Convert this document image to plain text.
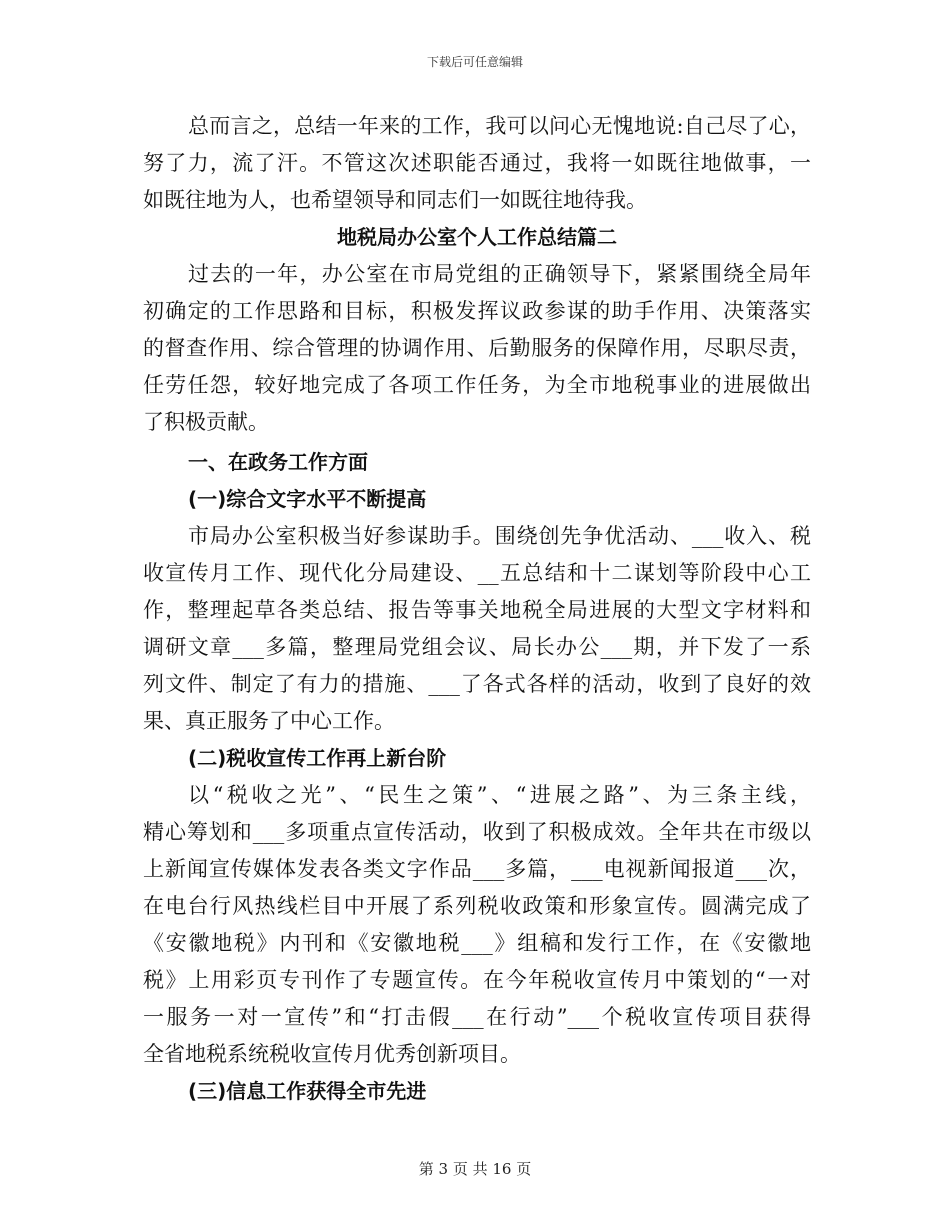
下载后可任意编辑
总而言之，总结一年来的工作，我可以问心无愧地说:自己尽了心，
努了力，流了汗。不管这次述职能否通过，我将一如既往地做事，一
如既往地为人，也希望领导和同志们一如既往地待我。
地税局办公室个人工作总结篇二
过去的一年，办公室在市局党组的正确领导下，紧紧围绕全局年
初确定的工作思路和目标，积极发挥议政参谋的助手作用、决策落实
的督查作用、综合管理的协调作用、后勤服务的保障作用，尽职尽责，
任劳任怨，较好地完成了各项工作任务，为全市地税事业的进展做出
了积极贡献。
一、在政务工作方面
(一)综合文字水平不断提高
市局办公室积极当好参谋助手。围绕创先争优活动、___收入、税
收宣传月工作、现代化分局建设、__五总结和十二谋划等阶段中心工
作，整理起草各类总结、报告等事关地税全局进展的大型文字材料和
调研文章___多篇，整理局党组会议、局长办公___期，并下发了一系
列文件、制定了有力的措施、___了各式各样的活动，收到了良好的效
果、真正服务了中心工作。
(二)税收宣传工作再上新台阶
以“税收之光”、“民生之策”、“进展之路”、为三条主线，
精心筹划和___多项重点宣传活动，收到了积极成效。全年共在市级以
上新闻宣传媒体发表各类文字作品___多篇，___电视新闻报道___次，
在电台行风热线栏目中开展了系列税收政策和形象宣传。圆满完成了
《安徽地税》内刊和《安徽地税___》组稿和发行工作，在《安徽地
税》上用彩页专刊作了专题宣传。在今年税收宣传月中策划的“一对
一服务一对一宣传”和“打击假___在行动”___个税收宣传项目获得
全省地税系统税收宣传月优秀创新项目。
(三)信息工作获得全市先进
第 3 页 共 16 页
